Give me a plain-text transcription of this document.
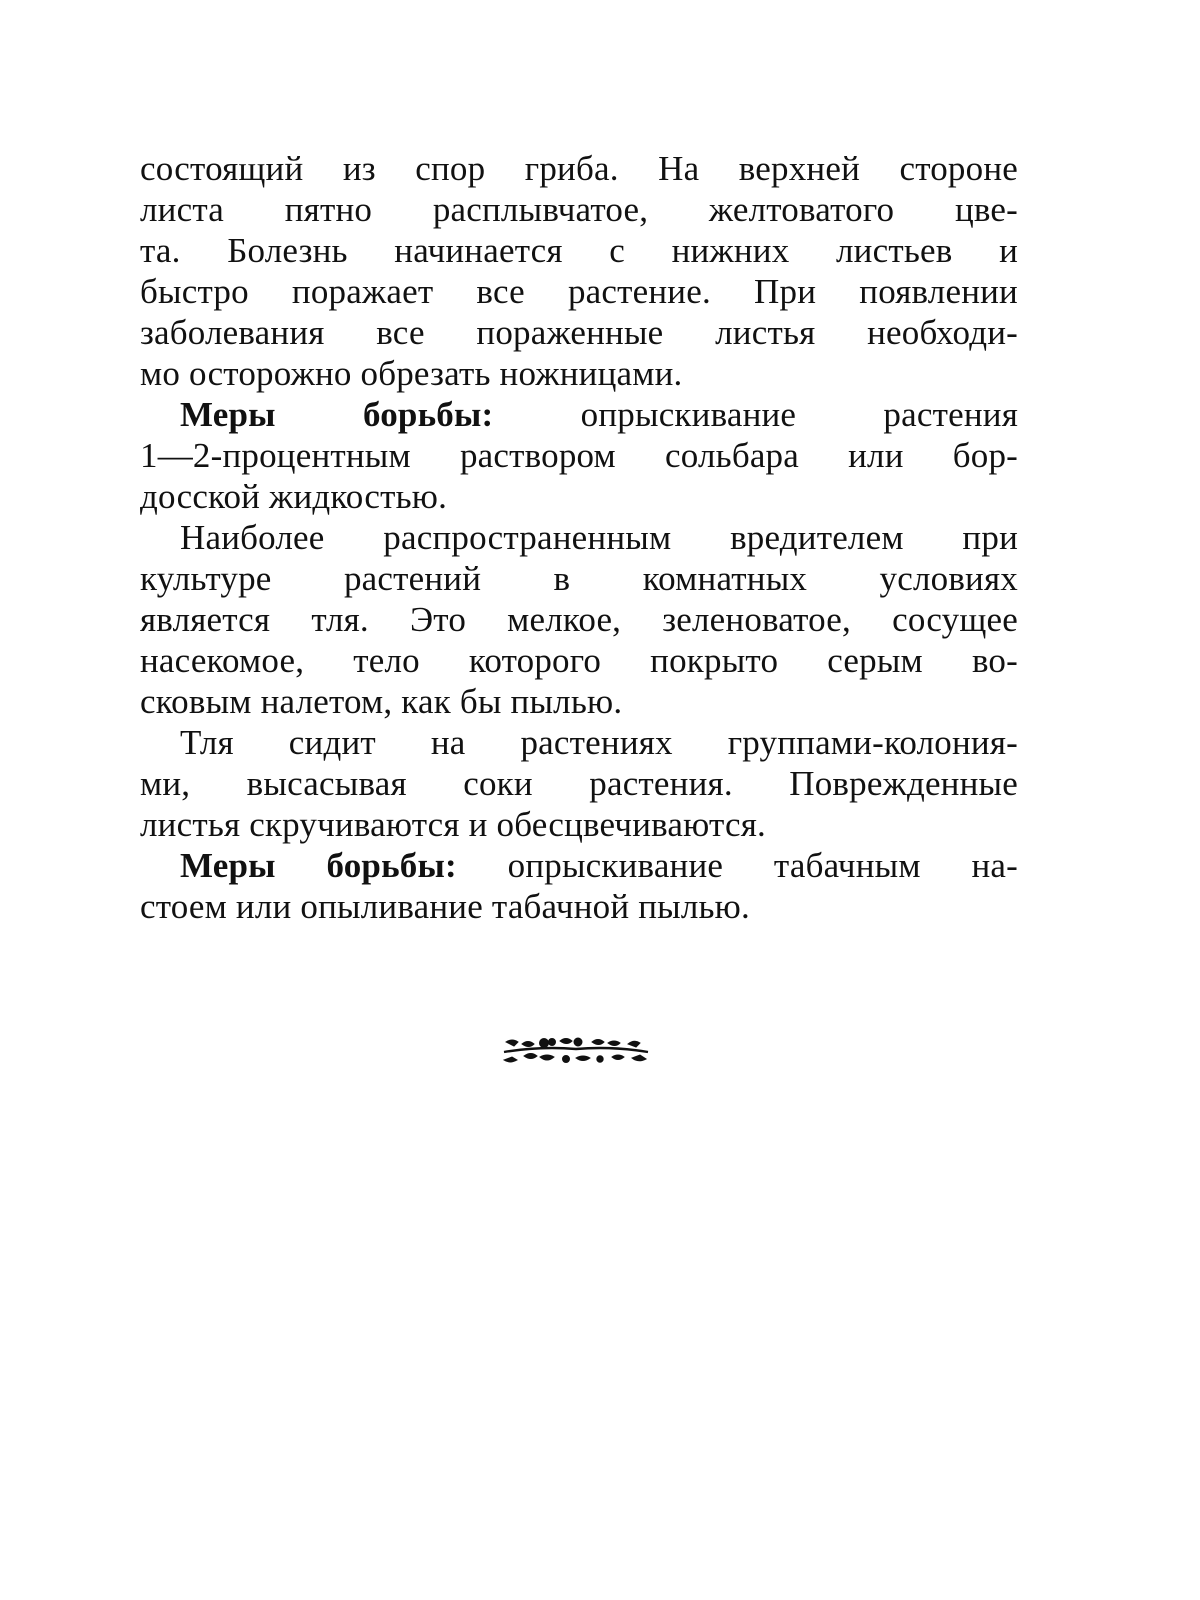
состоящий из спор гриба. На верхней стороне
листа пятно расплывчатое, желтоватого цве-
та. Болезнь начинается с нижних листьев и
быстро поражает все растение. При появлении
заболевания все пораженные листья необходи-
мо осторожно обрезать ножницами.
Меры борьбы: опрыскивание растения
1—2-процентным раствором сольбара или бор-
досской жидкостью.
Наиболее распространенным вредителем при
культуре растений в комнатных условиях
является тля. Это мелкое, зеленоватое, сосущее
насекомое, тело которого покрыто серым во-
сковым налетом, как бы пылью.
Тля сидит на растениях группами-колония-
ми, высасывая соки растения. Поврежденные
листья скручиваются и обесцвечиваются.
Меры борьбы: опрыскивание табачным на-
стоем или опыливание табачной пылью.
